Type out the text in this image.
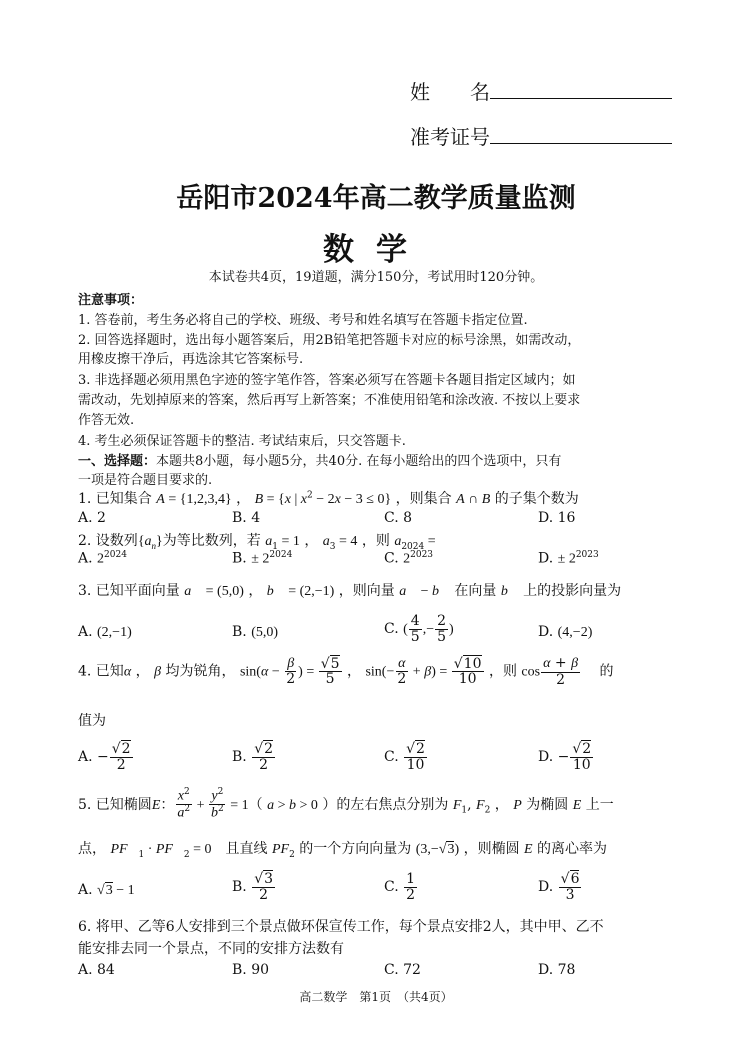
姓　　名
准考证号
岳阳市2024年高二教学质量监测
数学
本试卷共4页，19道题，满分150分，考试用时120分钟。
注意事项：
1. 答卷前，考生务必将自己的学校、班级、考号和姓名填写在答题卡指定位置.
2. 回答选择题时，选出每小题答案后，用2B铅笔把答题卡对应的标号涂黑，如需改动，
用橡皮擦干净后，再选涂其它答案标号.
3. 非选择题必须用黑色字迹的签字笔作答，答案必须写在答题卡各题目指定区域内；如
需改动，先划掉原来的答案，然后再写上新答案；不准使用铅笔和涂改液. 不按以上要求
作答无效.
4. 考生必须保证答题卡的整洁. 考试结束后，只交答题卡.
一、选择题：本题共8小题，每小题5分，共40分. 在每小题给出的四个选项中，只有
一项是符合题目要求的.
1. 已知集合 A = {1,2,3,4} ， B = {x | $x^2 - 2x - 3 \le 0$} ，则集合 A ∩ B 的子集个数为
A. 2	B. 4	C. 8	D. 16
2. 设数列$\{a_n\}$为等比数列，若 $a_1 = 1$ ， $a_3 = 4$ ，则 $a_{2024}$ =
A. $2^{2024}$	B. ± $2^{2024}$	C. $2^{2023}$	D. ± $2^{2023}$
3. 已知平面向量 a⃗ = (5,0) ， b⃗ = (2,−1) ，则向量 a⃗ − b⃗ 在向量 b⃗ 上的投影向量为
A. (2,−1)	B. (5,0)	C. ( $\frac{4}{5}$ ,− $\frac{2}{5}$ )	D. (4,−2)
4. 已知α ， β 均为锐角， $\sin(\alpha - \frac{\beta}{2}$ ) = $\frac{√5}{5}$ ， $\sin(- \frac{\alpha}{2} + \beta) = \frac{√10}{10}$ ，则 $\cos \frac{\alpha + \beta}{2}$ 　的
值为
A. − $\frac{√2}{2}$	B. $\frac{√2}{2}$	C. $\frac{√2}{10}$	D. − $\frac{√2}{10}$
5. 已知椭圆E： $\frac{x^2}{a^2} + \frac{y^2}{b^2} = 1$（ a > b > 0 ）的左右焦点分别为 $F_1$, $F_2$ ， P 为椭圆 E 上一
点， $PF⃗_1$ · $PF⃗_2 = 0$　且直线 $PF_2$ 的一个方向向量为 (3,−√3) ，则椭圆 E 的离心率为
A. √3 − 1	B. $\frac{√3}{2}$	C. $\frac{1}{2}$	D. $\frac{√6}{3}$
6. 将甲、乙等6人安排到三个景点做环保宣传工作，每个景点安排2人，其中甲、乙不
能安排去同一个景点，不同的安排方法数有
A. 84	B. 90	C. 72	D. 78
高二数学　第1页　（共4页）
